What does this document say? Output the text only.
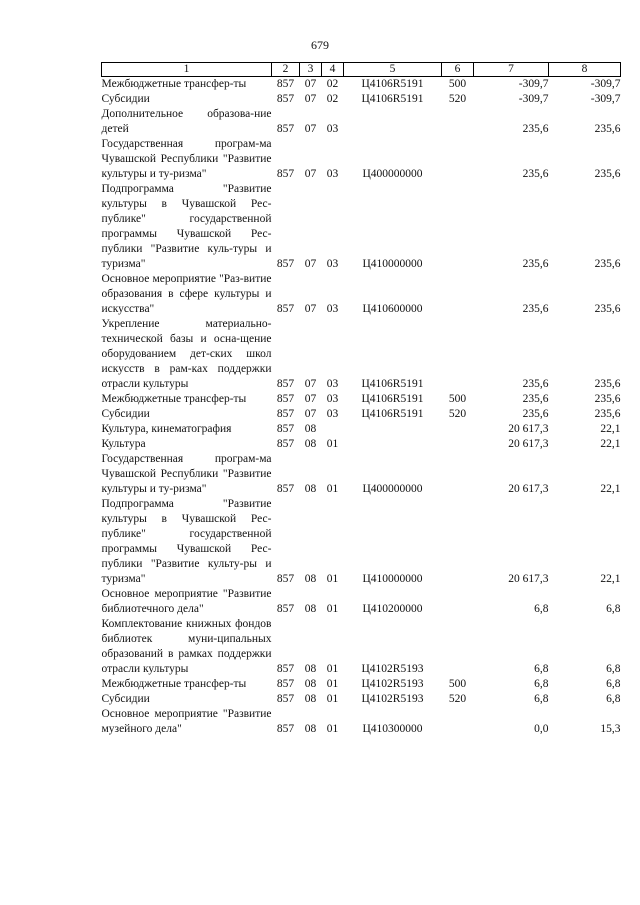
679
1	2	3	4	5	6	7	8
Межбюджетные трансфер-ты	857	07	02	Ц4106R5191	500	-309,7	-309,7
Субсидии	857	07	02	Ц4106R5191	520	-309,7	-309,7
Дополнительное образова-ние детей	857	07	03			235,6	235,6
Государственная програм-ма Чувашской Республики "Развитие культуры и ту-ризма"	857	07	03	Ц400000000		235,6	235,6
Подпрограмма "Развитие культуры в Чувашской Рес-публике" государственной программы Чувашской Рес-публики "Развитие куль-туры и туризма"	857	07	03	Ц410000000		235,6	235,6
Основное мероприятие "Раз-витие образования в сфере культуры и искусства"	857	07	03	Ц410600000		235,6	235,6
Укрепление материально-технической базы и осна-щение оборудованием дет-ских школ искусств в рам-ках поддержки отрасли культуры	857	07	03	Ц4106R5191		235,6	235,6
Межбюджетные трансфер-ты	857	07	03	Ц4106R5191	500	235,6	235,6
Субсидии	857	07	03	Ц4106R5191	520	235,6	235,6
Культура, кинематография	857	08				20 617,3	22,1
Культура	857	08	01			20 617,3	22,1
Государственная програм-ма Чувашской Республики "Развитие культуры и ту-ризма"	857	08	01	Ц400000000		20 617,3	22,1
Подпрограмма "Развитие культуры в Чувашской Рес-публике" государственной программы Чувашской Рес-публики "Развитие культу-ры и туризма"	857	08	01	Ц410000000		20 617,3	22,1
Основное мероприятие "Развитие библиотечного дела"	857	08	01	Ц410200000		6,8	6,8
Комплектование книжных фондов библиотек муни-ципальных образований в рамках поддержки отрасли культуры	857	08	01	Ц4102R5193		6,8	6,8
Межбюджетные трансфер-ты	857	08	01	Ц4102R5193	500	6,8	6,8
Субсидии	857	08	01	Ц4102R5193	520	6,8	6,8
Основное мероприятие "Развитие музейного дела"	857	08	01	Ц410300000		0,0	15,3
